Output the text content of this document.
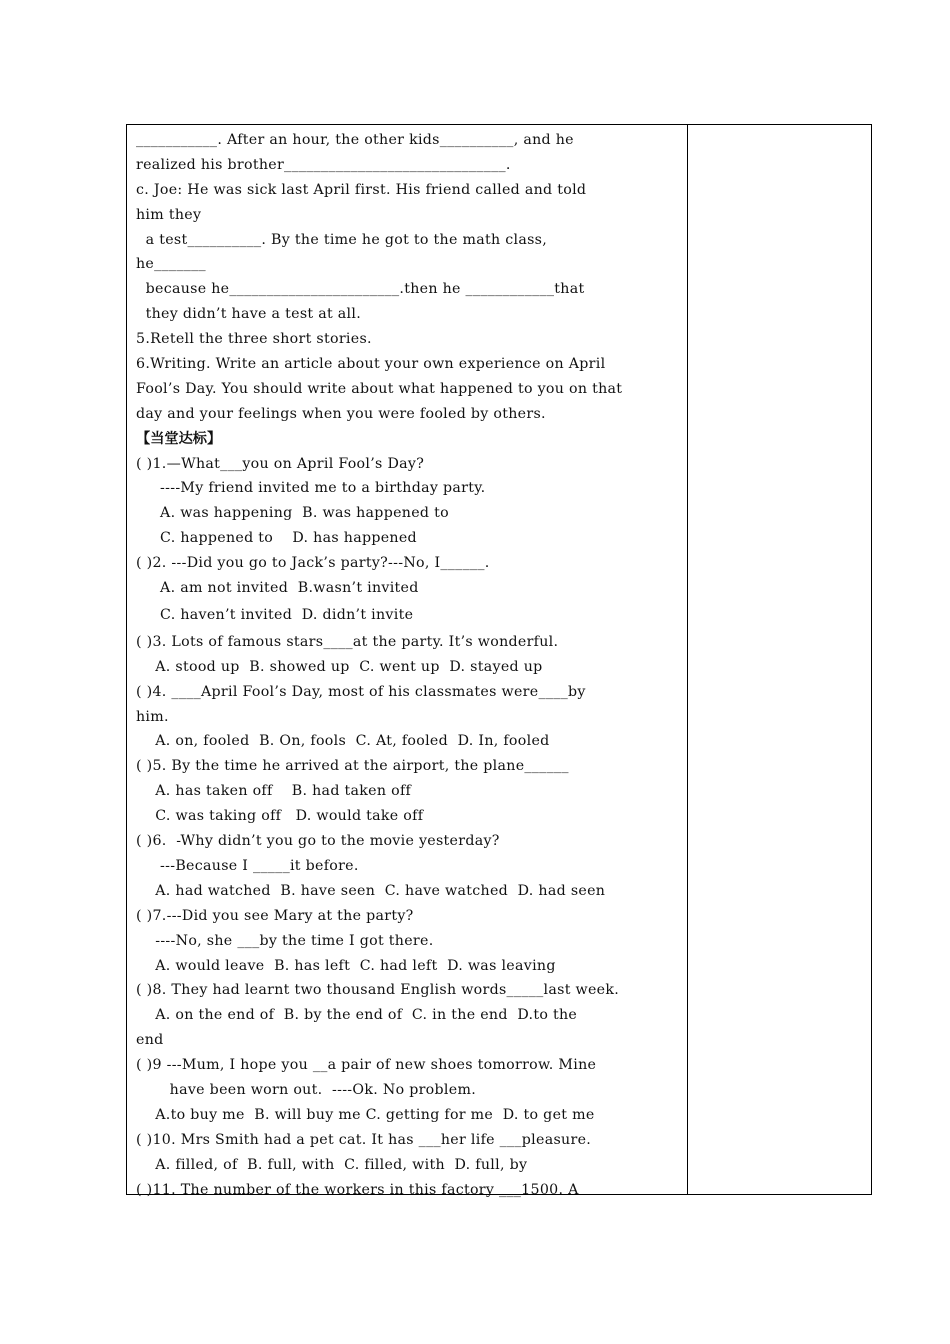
___________. After an hour, the other kids__________, and he
realized his brother______________________________.
c. Joe: He was sick last April first. His friend called and told
him they
a test__________. By the time he got to the math class,
he_______
because he_______________________.then he ____________that
they didn’t have a test at all.
5.Retell the three short stories.
6.Writing. Write an article about your own experience on April
Fool’s Day. You should write about what happened to you on that
day and your feelings when you were fooled by others.
【当堂达标】
( )1.—What___you on April Fool’s Day?
----My friend invited me to a birthday party.
A. was happening  B. was happened to
C. happened to    D. has happened
( )2. ---Did you go to Jack’s party?---No, I______.
A. am not invited  B.wasn’t invited
C. haven’t invited  D. didn’t invite
( )3. Lots of famous stars____at the party. It’s wonderful.
A. stood up  B. showed up  C. went up  D. stayed up
( )4. ____April Fool’s Day, most of his classmates were____by
him.
A. on, fooled  B. On, fools  C. At, fooled  D. In, fooled
( )5. By the time he arrived at the airport, the plane______
A. has taken off    B. had taken off
C. was taking off   D. would take off
( )6.  -Why didn’t you go to the movie yesterday?
---Because I _____it before.
A. had watched  B. have seen  C. have watched  D. had seen
( )7.---Did you see Mary at the party?
----No, she ___by the time I got there.
A. would leave  B. has left  C. had left  D. was leaving
( )8. They had learnt two thousand English words_____last week.
A. on the end of  B. by the end of  C. in the end  D.to the
end
( )9 ---Mum, I hope you __a pair of new shoes tomorrow. Mine
have been worn out.  ----Ok. No problem.
A.to buy me  B. will buy me C. getting for me  D. to get me
( )10. Mrs Smith had a pet cat. It has ___her life ___pleasure.
A. filled, of  B. full, with  C. filled, with  D. full, by
( )11. The number of the workers in this factory ___1500. A
